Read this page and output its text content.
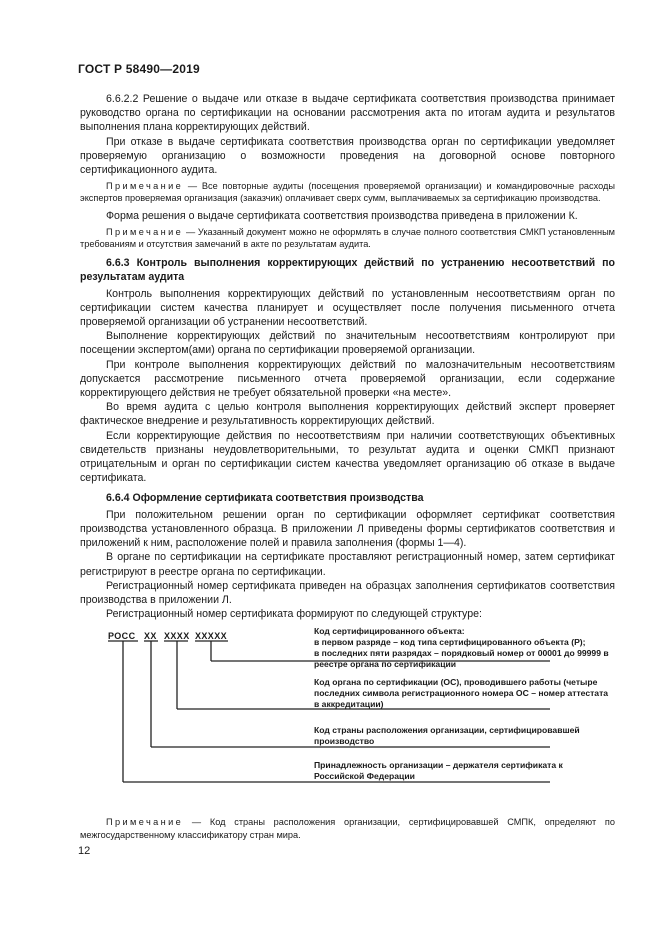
ГОСТ Р 58490—2019

6.6.2.2 Решение о выдаче или отказе в выдаче сертификата соответствия производства принимает руководство органа по сертификации на основании рассмотрения акта по итогам аудита и результатов выполнения плана корректирующих действий.

При отказе в выдаче сертификата соответствия производства орган по сертификации уведомляет проверяемую организацию о возможности проведения на договорной основе повторного сертификационного аудита.

Примечание — Все повторные аудиты (посещения проверяемой организации) и командировочные расходы экспертов проверяемая организация (заказчик) оплачивает сверх сумм, выплачиваемых за сертификацию производства.

Форма решения о выдаче сертификата соответствия производства приведена в приложении К.

Примечание — Указанный документ можно не оформлять в случае полного соответствия СМКП установленным требованиям и отсутствия замечаний в акте по результатам аудита.

6.6.3 Контроль выполнения корректирующих действий по устранению несоответствий по результатам аудита

Контроль выполнения корректирующих действий по установленным несоответствиям орган по сертификации систем качества планирует и осуществляет после получения письменного отчета проверяемой организации об устранении несоответствий.

Выполнение корректирующих действий по значительным несоответствиям контролируют при посещении экспертом(ами) органа по сертификации проверяемой организации.

При контроле выполнения корректирующих действий по малозначительным несоответствиям допускается рассмотрение письменного отчета проверяемой организации, если содержание корректирующего действия не требует обязательной проверки «на месте».

Во время аудита с целью контроля выполнения корректирующих действий эксперт проверяет фактическое внедрение и результативность корректирующих действий.

Если корректирующие действия по несоответствиям при наличии соответствующих объективных свидетельств признаны неудовлетворительными, то результат аудита и оценки СМКП признают отрицательным и орган по сертификации систем качества уведомляет организацию об отказе в выдаче сертификата.

6.6.4 Оформление сертификата соответствия производства

При положительном решении орган по сертификации оформляет сертификат соответствия производства установленного образца. В приложении Л приведены формы сертификатов соответствия и приложений к ним, расположение полей и правила заполнения (формы 1—4).

В органе по сертификации на сертификате проставляют регистрационный номер, затем сертификат регистрируют в реестре органа по сертификации.

Регистрационный номер сертификата приведен на образцах заполнения сертификатов соответствия производства в приложении Л.

Регистрационный номер сертификата формируют по следующей структуре:

РОСС XX XXXX XXXXX	Код сертифицированного объекта:
в первом разряде – код типа сертифицированного объекта (Р);
в последних пяти разрядах – порядковый номер от 00001 до 99999 в реестре органа по сертификации
Код органа по сертификации (ОС), проводившего работы (четыре последних символа регистрационного номера ОС – номер аттестата в аккредитации)
Код страны расположения организации, сертифицировавшей производство
Принадлежность организации – держателя сертификата к Российской Федерации

Примечание — Код страны расположения организации, сертифицировавшей СМПК, определяют по межгосударственному классификатору стран мира.

12
